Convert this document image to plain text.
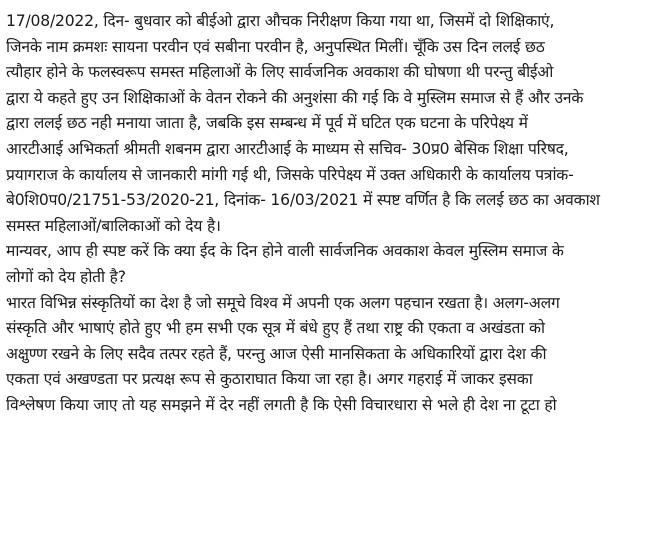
17/08/2022, दिन- बुधवार को बीईओ द्वारा औचक निरीक्षण किया गया था, जिसमें दो शिक्षिकाएं,
जिनके नाम क्रमशः सायना परवीन एवं सबीना परवीन है, अनुपस्थित मिलीं। चूँकि उस दिन ललई छठ
त्यौहार होने के फलस्वरूप समस्त महिलाओं के लिए सार्वजनिक अवकाश की घोषणा थी परन्तु बीईओ
द्वारा ये कहते हुए उन शिक्षिकाओं के वेतन रोकने की अनुशंसा की गई कि वे मुस्लिम समाज से हैं और उनके
द्वारा ललई छठ नही मनाया जाता है, जबकि इस सम्बन्ध में पूर्व में घटित एक घटना के परिपेक्ष्य में
आरटीआई अभिकर्ता श्रीमती शबनम द्वारा आरटीआई के माध्यम से सचिव- 30प्र0 बेसिक शिक्षा परिषद,
प्रयागराज के कार्यालय से जानकारी मांगी गई थी, जिसके परिपेक्ष्य में उक्त अधिकारी के कार्यालय पत्रांक-
बे0शि0प0/21751-53/2020-21, दिनांक- 16/03/2021 में स्पष्ट वर्णित है कि ललई छठ का अवकाश
समस्त महिलाओं/बालिकाओं को देय है।
मान्यवर, आप ही स्पष्ट करें कि क्या ईद के दिन होने वाली सार्वजनिक अवकाश केवल मुस्लिम समाज के
लोगों को देय होती है?
भारत विभिन्न संस्कृतियों का देश है जो समूचे विश्व में अपनी एक अलग पहचान रखता है। अलग-अलग
संस्कृति और भाषाएं होते हुए भी हम सभी एक सूत्र में बंधे हुए हैं तथा राष्ट्र की एकता व अखंडता को
अक्षुण्ण रखने के लिए सदैव तत्पर रहते हैं, परन्तु आज ऐसी मानसिकता के अधिकारियों द्वारा देश की
एकता एवं अखण्डता पर प्रत्यक्ष रूप से कुठाराघात किया जा रहा है। अगर गहराई में जाकर इसका
विश्लेषण किया जाए तो यह समझने में देर नहीं लगती है कि ऐसी विचारधारा से भले ही देश ना टूटा हो
